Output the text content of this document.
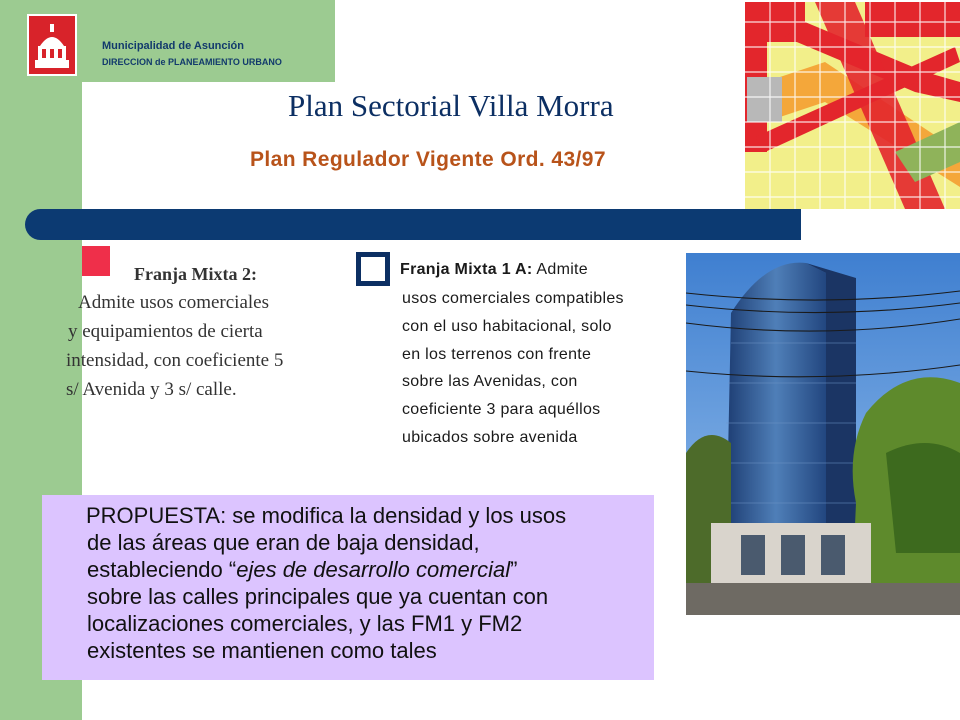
Municipalidad de Asunción
DIRECCION de PLANEAMIENTO URBANO
Plan Sectorial Villa Morra
Plan Regulador Vigente Ord. 43/97
Franja Mixta 2:
Admite usos comerciales
y equipamientos de cierta
intensidad, con coeficiente 5
s/ Avenida y 3 s/ calle.
Franja Mixta 1 A: Admite
usos comerciales compatibles
con el uso habitacional, solo
en los terrenos con frente
sobre las Avenidas, con
coeficiente 3 para aquéllos
ubicados sobre avenida
PROPUESTA: se modifica la densidad y los usos
de las áreas que eran de baja densidad,
estableciendo “ejes de desarrollo comercial”
sobre las calles principales que ya cuentan con
localizaciones comerciales, y las FM1 y FM2
existentes se mantienen como tales
